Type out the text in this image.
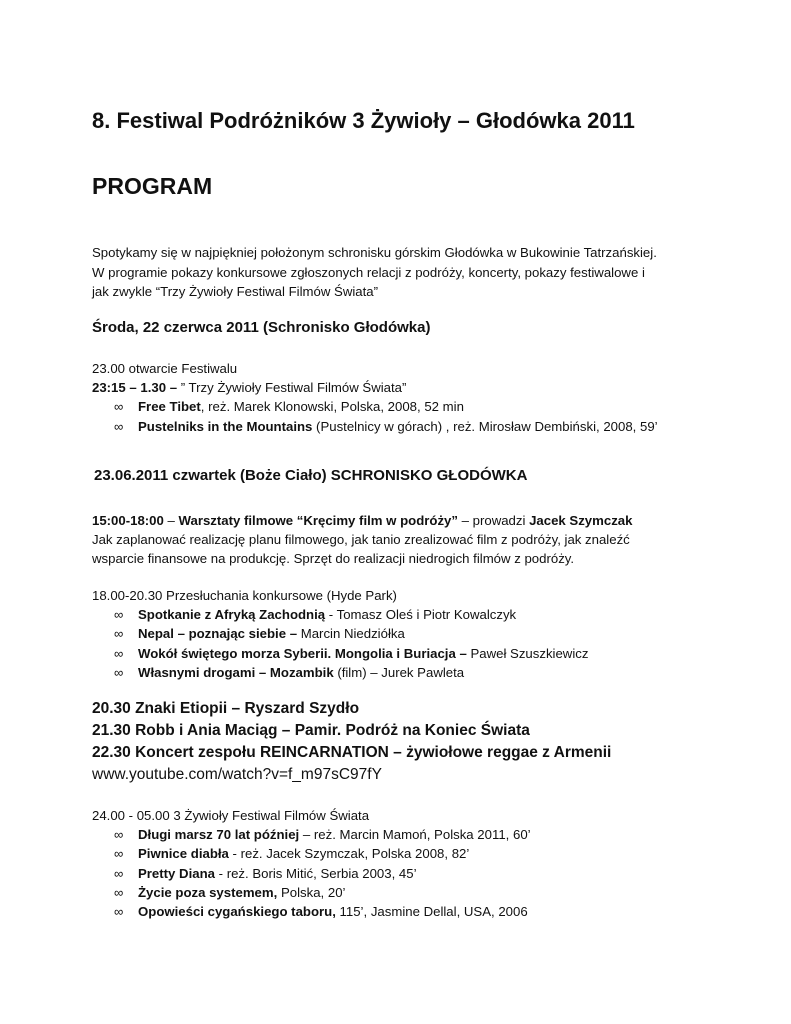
8. Festiwal Podróżników 3 Żywioły – Głodówka 2011
PROGRAM
Spotykamy się w najpiękniej położonym schronisku górskim Głodówka w Bukowinie Tatrzańskiej.
W programie pokazy konkursowe zgłoszonych relacji z podróży, koncerty, pokazy festiwalowe i
jak zwykle “Trzy Żywioły Festiwal Filmów Świata”
Środa, 22 czerwca 2011 (Schronisko Głodówka)
23.00 otwarcie Festiwalu
23:15 – 1.30 – ” Trzy Żywioły Festiwal Filmów Świata”
∞ Free Tibet, reż. Marek Klonowski, Polska, 2008, 52 min
∞ Pustelniks in the Mountains (Pustelnicy w górach) , reż. Mirosław Dembiński, 2008, 59’
23.06.2011 czwartek (Boże Ciało) SCHRONISKO GŁODÓWKA
15:00-18:00 – Warsztaty filmowe “Kręcimy film w podróży” – prowadzi Jacek Szymczak
Jak zaplanować realizację planu filmowego, jak tanio zrealizować film z podróży, jak znaleźć
wsparcie finansowe na produkcję. Sprzęt do realizacji niedrogich filmów z podróży.
18.00-20.30 Przesłuchania konkursowe (Hyde Park)
∞ Spotkanie z Afryką Zachodnią - Tomasz Oleś i Piotr Kowalczyk
∞ Nepal – poznając siebie – Marcin Niedziółka
∞ Wokół świętego morza Syberii. Mongolia i Buriacja – Paweł Szuszkiewicz
∞ Własnymi drogami – Mozambik (film) – Jurek Pawleta
20.30 Znaki Etiopii – Ryszard Szydło
21.30 Robb i Ania Maciąg – Pamir. Podróż na Koniec Świata
22.30 Koncert zespołu REINCARNATION – żywiołowe reggae z Armenii
www.youtube.com/watch?v=f_m97sC97fY
24.00 - 05.00 3 Żywioły Festiwal Filmów Świata
∞ Długi marsz 70 lat później – reż. Marcin Mamoń, Polska 2011, 60’
∞ Piwnice diabła - reż. Jacek Szymczak, Polska 2008, 82’
∞ Pretty Diana - reż. Boris Mitić, Serbia 2003, 45’
∞ Życie poza systemem, Polska, 20’
∞ Opowieści cygańskiego taboru, 115’, Jasmine Dellal, USA, 2006
